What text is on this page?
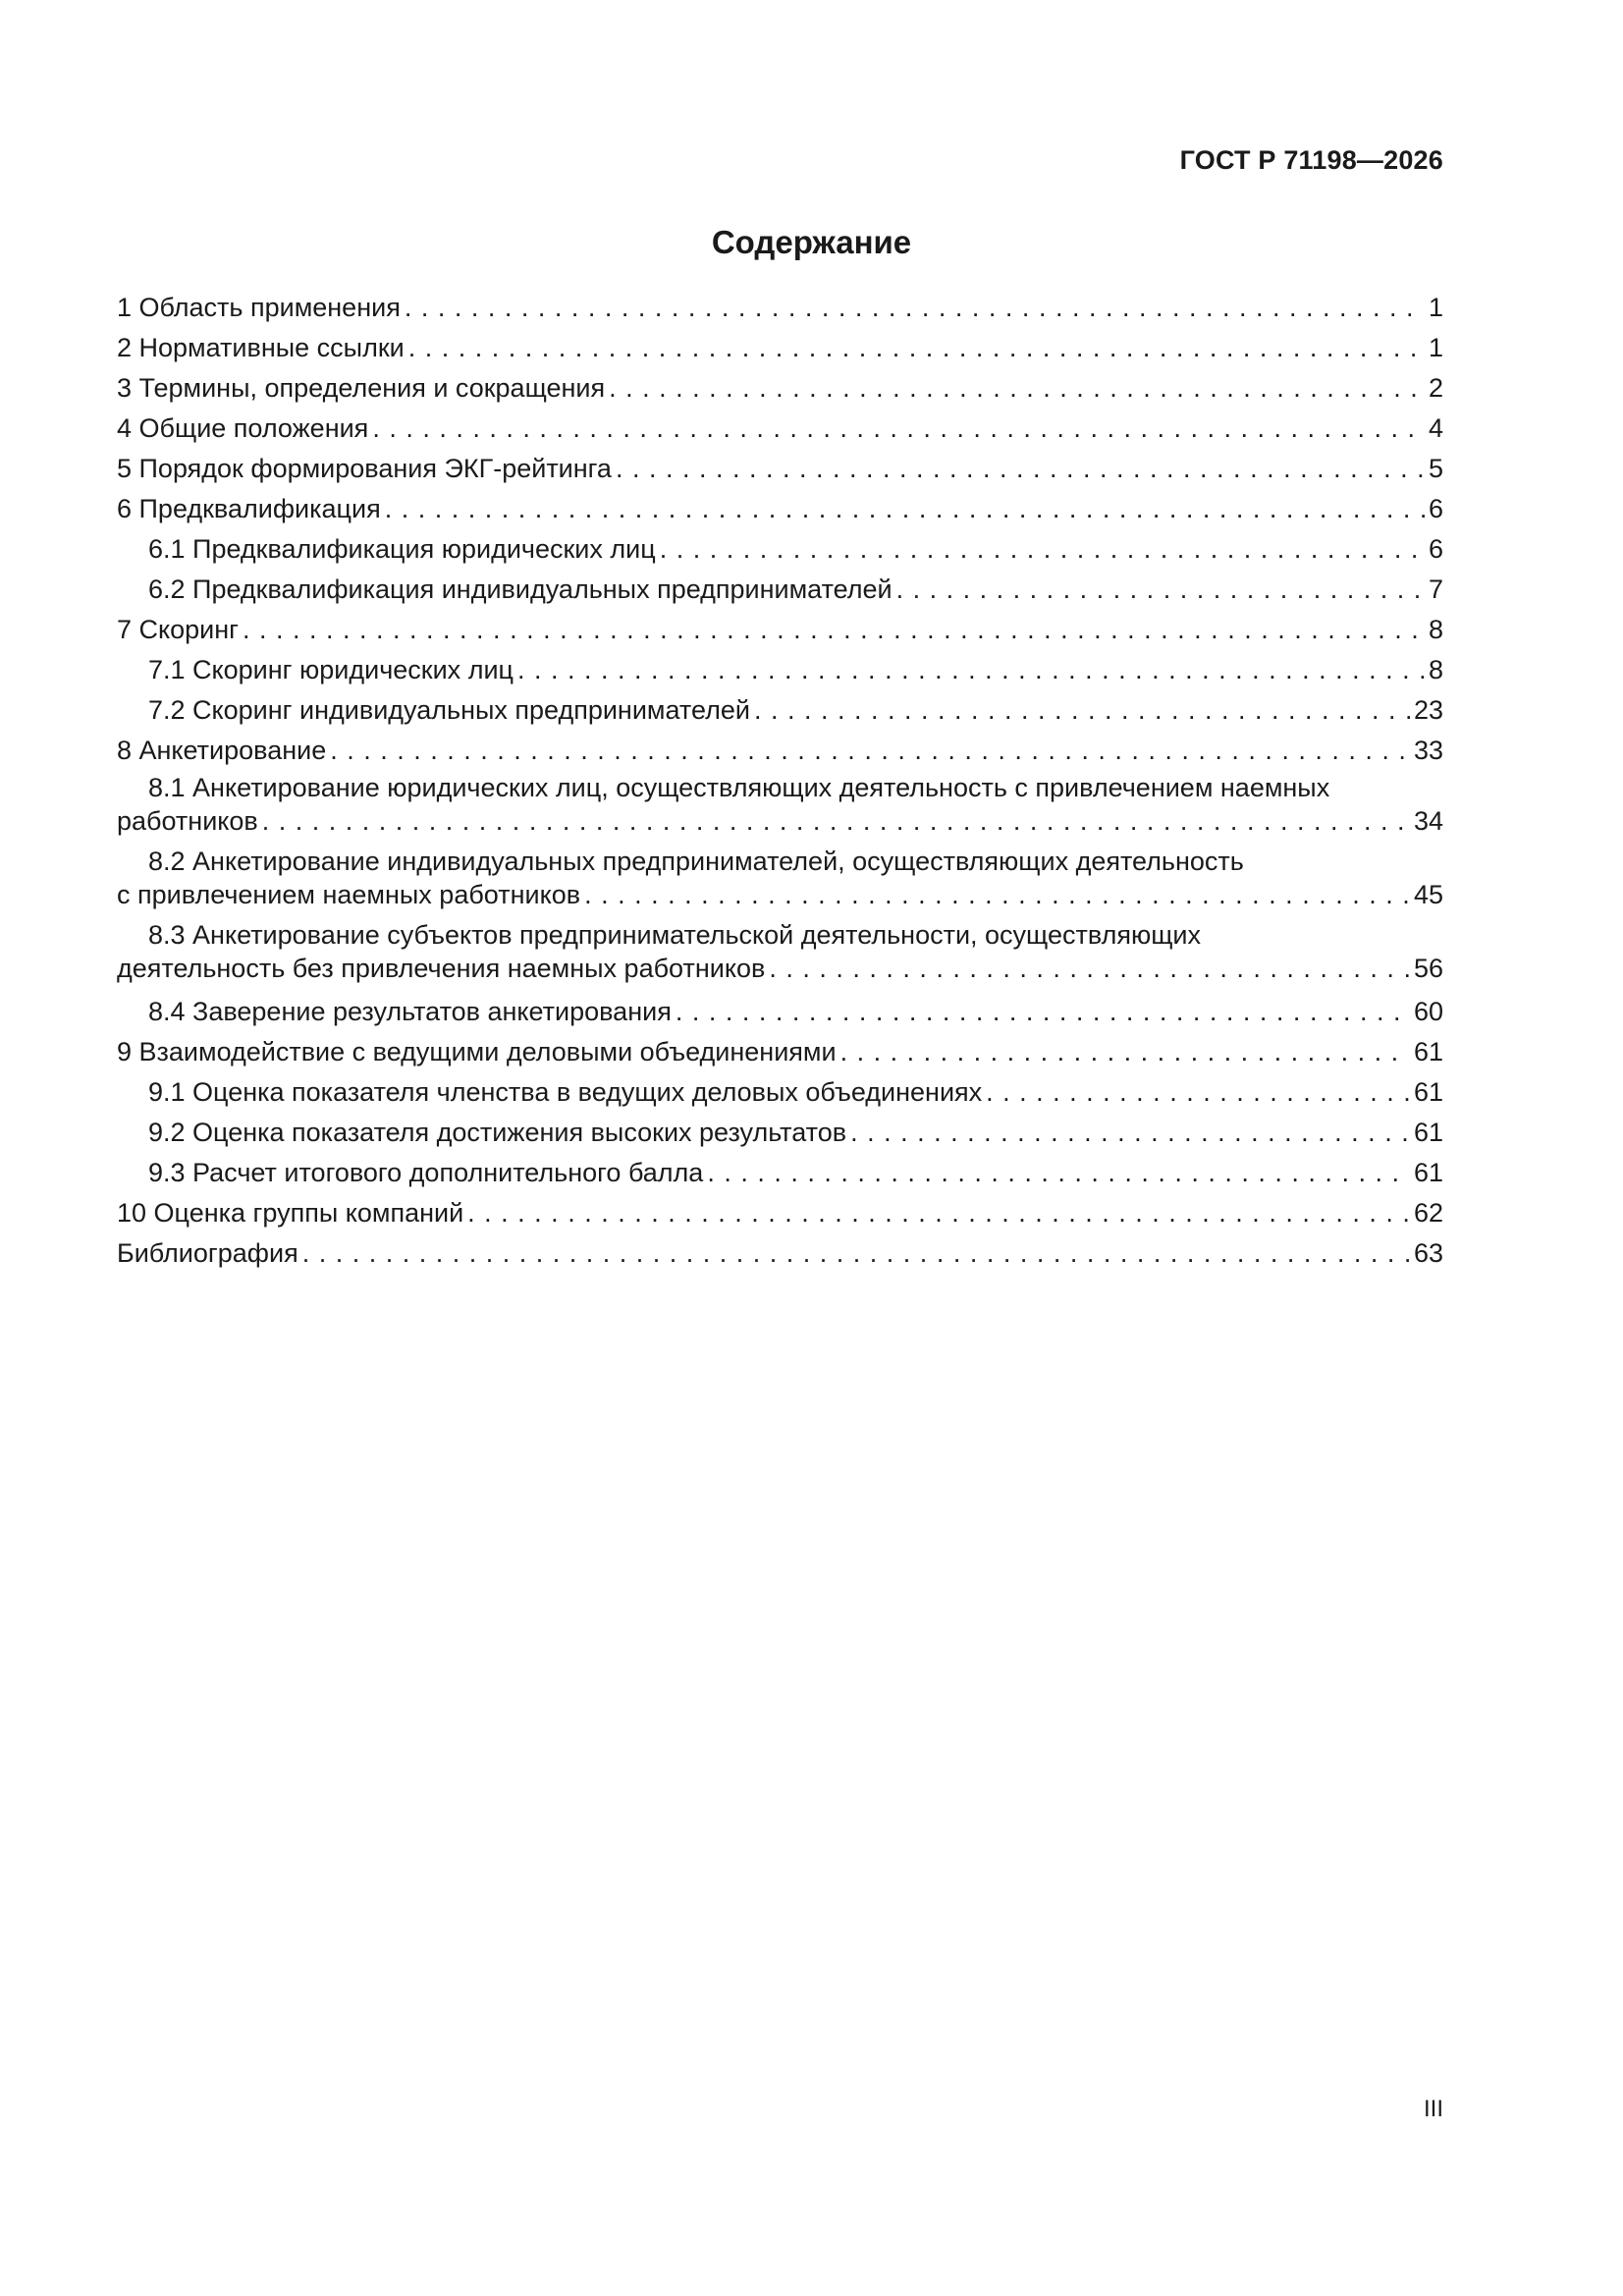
ГОСТ Р 71198—2026
Содержание
1 Область применения . . .	1
2 Нормативные ссылки . . .	1
3 Термины, определения и сокращения . . .	2
4 Общие положения . . .	4
5 Порядок формирования ЭКГ-рейтинга . . .	5
6 Предквалификация . . .	6
6.1 Предквалификация юридических лиц . . .	6
6.2 Предквалификация индивидуальных предпринимателей . . .	7
7 Скоринг . . .	8
7.1 Скоринг юридических лиц . . .	8
7.2 Скоринг индивидуальных предпринимателей . . .	23
8 Анкетирование . . .	33
8.1 Анкетирование юридических лиц, осуществляющих деятельность с привлечением наемных
работников . . .	34
8.2 Анкетирование индивидуальных предпринимателей, осуществляющих деятельность
с привлечением наемных работников . . .	45
8.3 Анкетирование субъектов предпринимательской деятельности, осуществляющих
деятельность без привлечения наемных работников . . .	56
8.4 Заверение результатов анкетирования . . .	60
9 Взаимодействие с ведущими деловыми объединениями . . .	61
9.1 Оценка показателя членства в ведущих деловых объединениях . . .	61
9.2 Оценка показателя достижения высоких результатов . . .	61
9.3 Расчет итогового дополнительного балла . . .	61
10 Оценка группы компаний . . .	62
Библиография . . .	63
III
